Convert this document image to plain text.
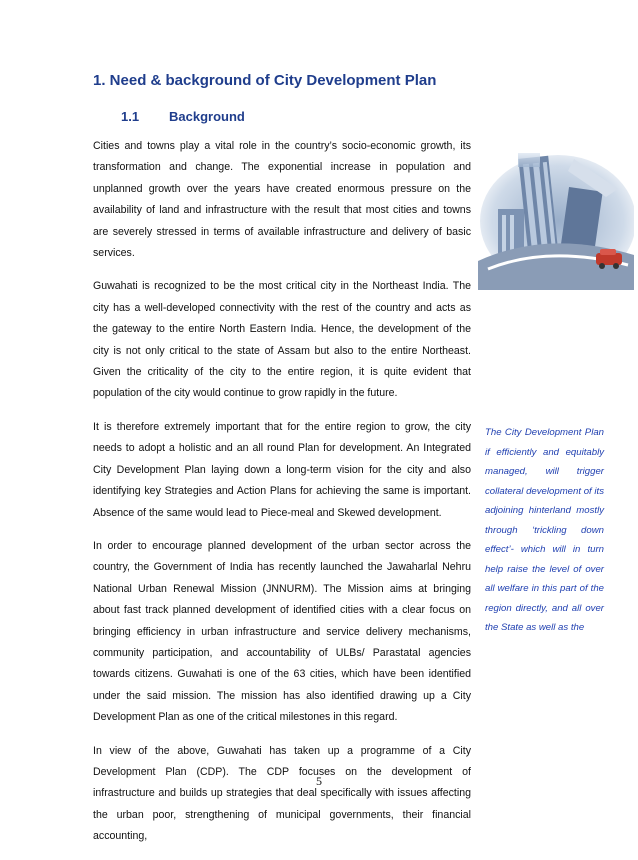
1. Need & background of City Development Plan
1.1 Background

Cities and towns play a vital role in the country’s socio-economic growth, its transformation and change. The exponential increase in population and unplanned growth over the years have created enormous pressure on the availability of land and infrastructure with the result that most cities and towns are severely stressed in terms of available infrastructure and delivery of basic services.

Guwahati is recognized to be the most critical city in the Northeast India. The city has a well-developed connectivity with the rest of the country and acts as the gateway to the entire North Eastern India. Hence, the development of the city is not only critical to the state of Assam but also to the entire Northeast. Given the criticality of the city to the entire region, it is quite evident that population of the city would continue to grow rapidly in the future.

It is therefore extremely important that for the entire region to grow, the city needs to adopt a holistic and an all round Plan for development. An Integrated City Development Plan laying down a long-term vision for the city and also identifying key Strategies and Action Plans for achieving the same is important. Absence of the same would lead to Piece-meal and Skewed development.

In order to encourage planned development of the urban sector across the country, the Government of India has recently launched the Jawaharlal Nehru National Urban Renewal Mission (JNNURM). The Mission aims at bringing about fast track planned development of identified cities with a clear focus on bringing efficiency in urban infrastructure and service delivery mechanisms, community participation, and accountability of ULBs/ Parastatal agencies towards citizens. Guwahati is one of the 63 cities, which have been identified under the said mission. The mission has also identified drawing up a City Development Plan as one of the critical milestones in this regard.

In view of the above, Guwahati has taken up a programme of a City Development Plan (CDP). The CDP focuses on the development of infrastructure and builds up strategies that deal specifically with issues affecting the urban poor, strengthening of municipal governments, their financial accounting,

The City Development Plan if efficiently and equitably managed, will trigger collateral development of its adjoining hinterland mostly through ‘trickling down effect’- which will in turn help raise the level of over all welfare in this part of the region directly, and all over the State as well as the
5
